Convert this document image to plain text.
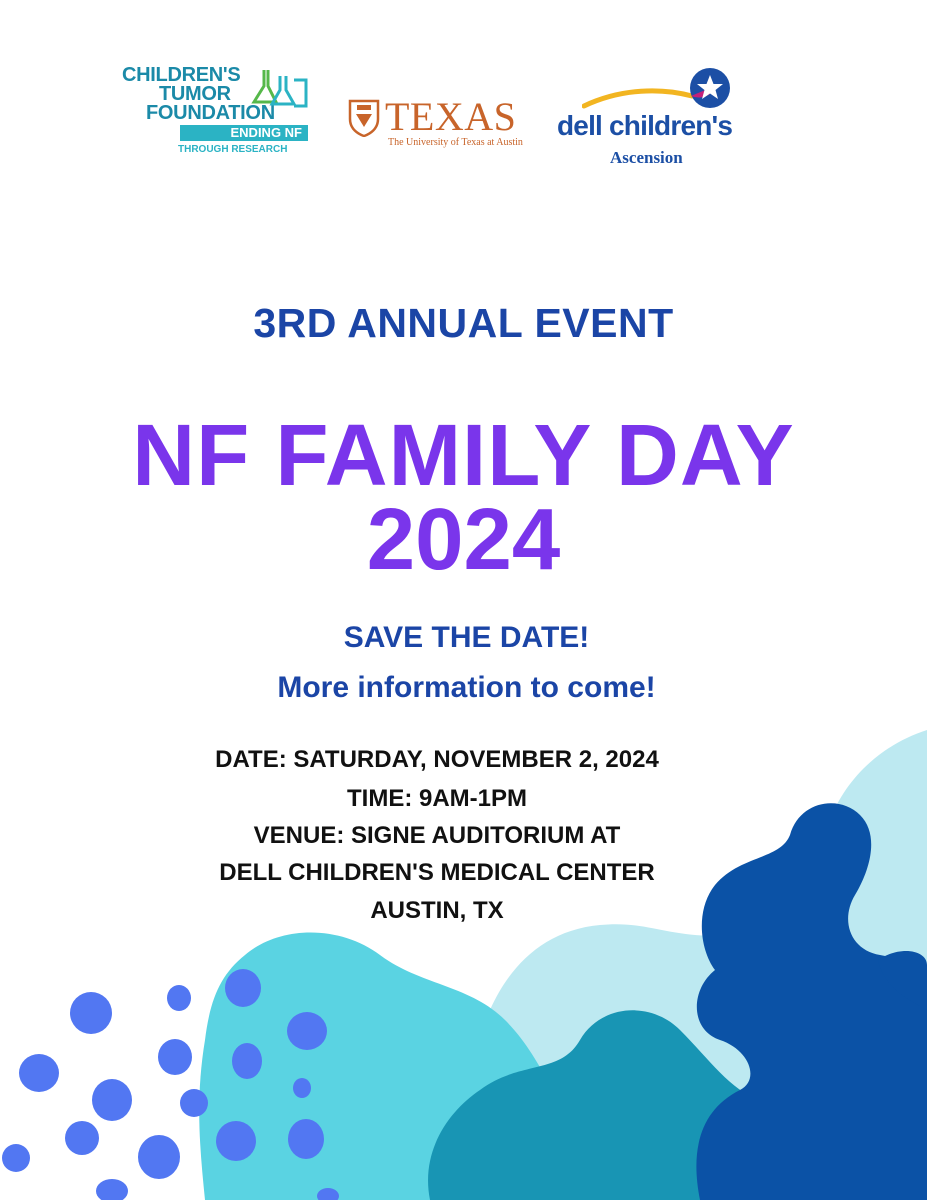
CHILDREN'S
TUMOR
FOUNDATION
ENDING NF
THROUGH RESEARCH
TEXAS
The University of Texas at Austin
dell children's
Ascension
3RD ANNUAL EVENT
NF FAMILY DAY
2024
SAVE THE DATE!
More information to come!
DATE: SATURDAY, NOVEMBER 2, 2024
TIME: 9AM-1PM
VENUE: SIGNE AUDITORIUM AT
DELL CHILDREN'S MEDICAL CENTER
AUSTIN, TX
